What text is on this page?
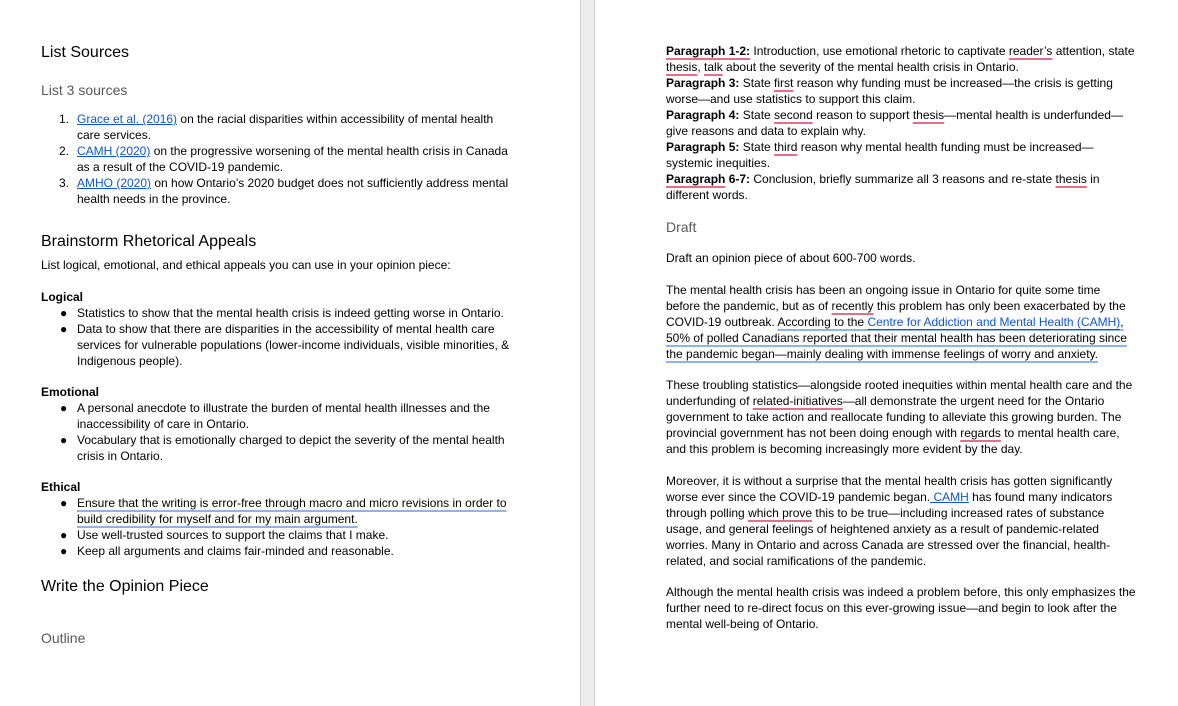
List Sources
List 3 sources
1. Grace et al. (2016) on the racial disparities within accessibility of mental health care services.
2. CAMH (2020) on the progressive worsening of the mental health crisis in Canada as a result of the COVID-19 pandemic.
3. AMHO (2020) on how Ontario’s 2020 budget does not sufficiently address mental health needs in the province.
Brainstorm Rhetorical Appeals

List logical, emotional, and ethical appeals you can use in your opinion piece:

Logical

● Statistics to show that the mental health crisis is indeed getting worse in Ontario.
● Data to show that there are disparities in the accessibility of mental health care services for vulnerable populations (lower-income individuals, visible minorities, & Indigenous people).

Emotional

● A personal anecdote to illustrate the burden of mental health illnesses and the inaccessibility of care in Ontario.
● Vocabulary that is emotionally charged to depict the severity of the mental health crisis in Ontario.

Ethical

● Ensure that the writing is error-free through macro and micro revisions in order to build credibility for myself and for my main argument.
● Use well-trusted sources to support the claims that I make.
● Keep all arguments and claims fair-minded and reasonable.
Write the Opinion Piece
Outline

Paragraph 1-2: Introduction, use emotional rhetoric to captivate reader’s attention, state thesis, talk about the severity of the mental health crisis in Ontario.

Paragraph 3: State first reason why funding must be increased—the crisis is getting worse—and use statistics to support this claim.

Paragraph 4: State second reason to support thesis—mental health is underfunded—give reasons and data to explain why.

Paragraph 5: State third reason why mental health funding must be increased—systemic inequities.

Paragraph 6-7: Conclusion, briefly summarize all 3 reasons and re-state thesis in different words.

Draft

Draft an opinion piece of about 600-700 words.

The mental health crisis has been an ongoing issue in Ontario for quite some time before the pandemic, but as of recently this problem has only been exacerbated by the COVID-19 outbreak. According to the Centre for Addiction and Mental Health (CAMH), 50% of polled Canadians reported that their mental health has been deteriorating since the pandemic began—mainly dealing with immense feelings of worry and anxiety.

These troubling statistics—alongside rooted inequities within mental health care and the underfunding of related-initiatives—all demonstrate the urgent need for the Ontario government to take action and reallocate funding to alleviate this growing burden. The provincial government has not been doing enough with regards to mental health care, and this problem is becoming increasingly more evident by the day.

Moreover, it is without a surprise that the mental health crisis has gotten significantly worse ever since the COVID-19 pandemic began. CAMH has found many indicators through polling which prove this to be true—including increased rates of substance usage, and general feelings of heightened anxiety as a result of pandemic-related worries. Many in Ontario and across Canada are stressed over the financial, health-related, and social ramifications of the pandemic.

Although the mental health crisis was indeed a problem before, this only emphasizes the further need to re-direct focus on this ever-growing issue—and begin to look after the mental well-being of Ontario.
